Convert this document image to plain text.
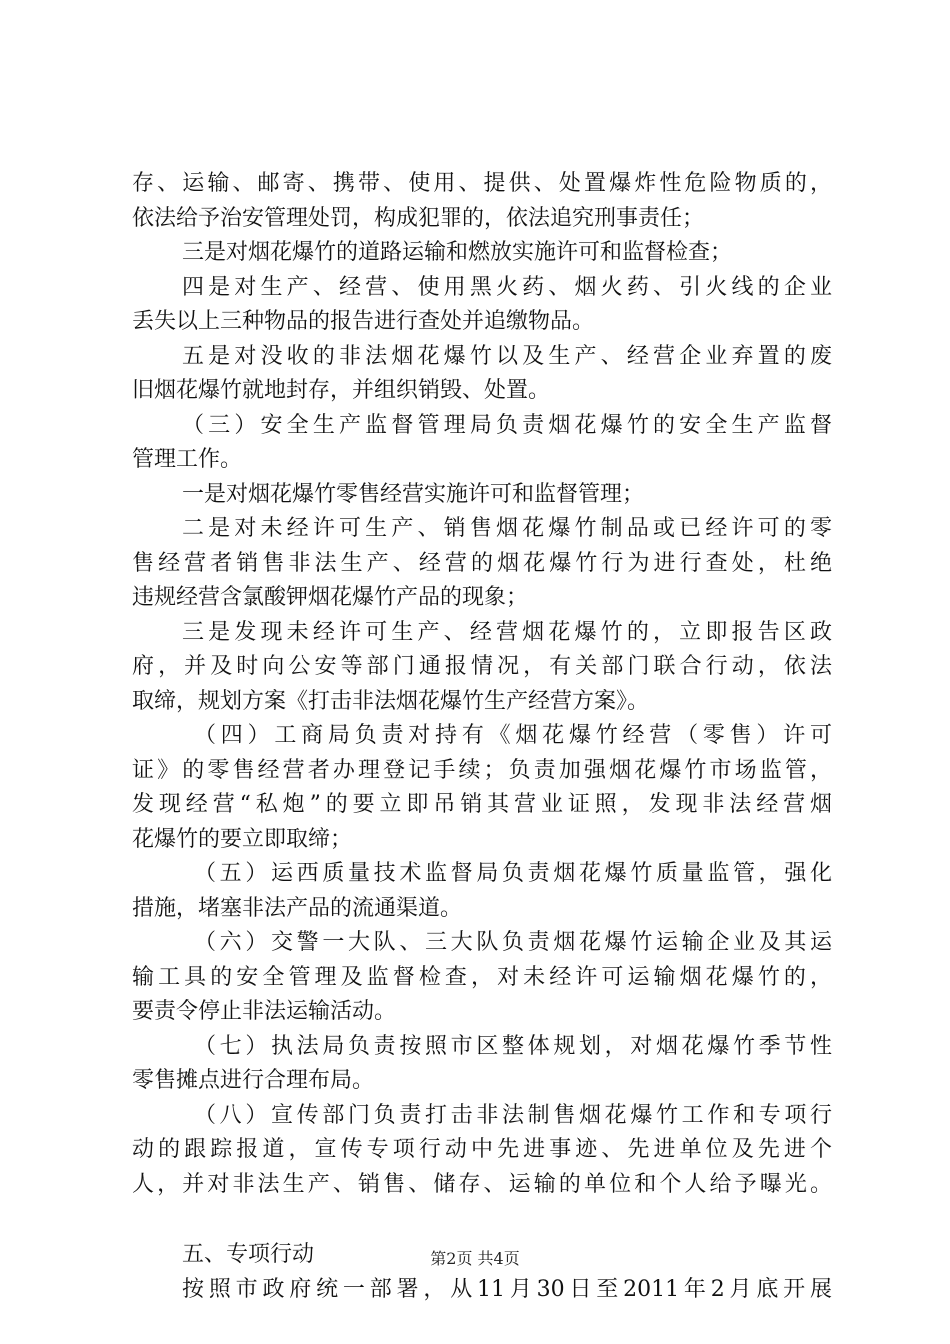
存、运输、邮寄、携带、使用、提供、处置爆炸性危险物质的，
依法给予治安管理处罚，构成犯罪的，依法追究刑事责任；
三是对烟花爆竹的道路运输和燃放实施许可和监督检查；
四是对生产、经营、使用黑火药、烟火药、引火线的企业
丢失以上三种物品的报告进行查处并追缴物品。
五是对没收的非法烟花爆竹以及生产、经营企业弃置的废
旧烟花爆竹就地封存，并组织销毁、处置。
（三）安全生产监督管理局负责烟花爆竹的安全生产监督
管理工作。
一是对烟花爆竹零售经营实施许可和监督管理；
二是对未经许可生产、销售烟花爆竹制品或已经许可的零
售经营者销售非法生产、经营的烟花爆竹行为进行查处，杜绝
违规经营含氯酸钾烟花爆竹产品的现象；
三是发现未经许可生产、经营烟花爆竹的，立即报告区政
府，并及时向公安等部门通报情况，有关部门联合行动，依法
取缔，规划方案《打击非法烟花爆竹生产经营方案》。
（四）工商局负责对持有《烟花爆竹经营（零售）许可
证》的零售经营者办理登记手续；负责加强烟花爆竹市场监管，
发现经营“私炮”的要立即吊销其营业证照，发现非法经营烟
花爆竹的要立即取缔；
（五）运西质量技术监督局负责烟花爆竹质量监管，强化
措施，堵塞非法产品的流通渠道。
（六）交警一大队、三大队负责烟花爆竹运输企业及其运
输工具的安全管理及监督检查，对未经许可运输烟花爆竹的，
要责令停止非法运输活动。
（七）执法局负责按照市区整体规划，对烟花爆竹季节性
零售摊点进行合理布局。
（八）宣传部门负责打击非法制售烟花爆竹工作和专项行
动的跟踪报道，宣传专项行动中先进事迹、先进单位及先进个
人，并对非法生产、销售、储存、运输的单位和个人给予曝光。
五、专项行动
按照市政府统一部署，从11月30日至2011年2月底开展
第2页 共4页
